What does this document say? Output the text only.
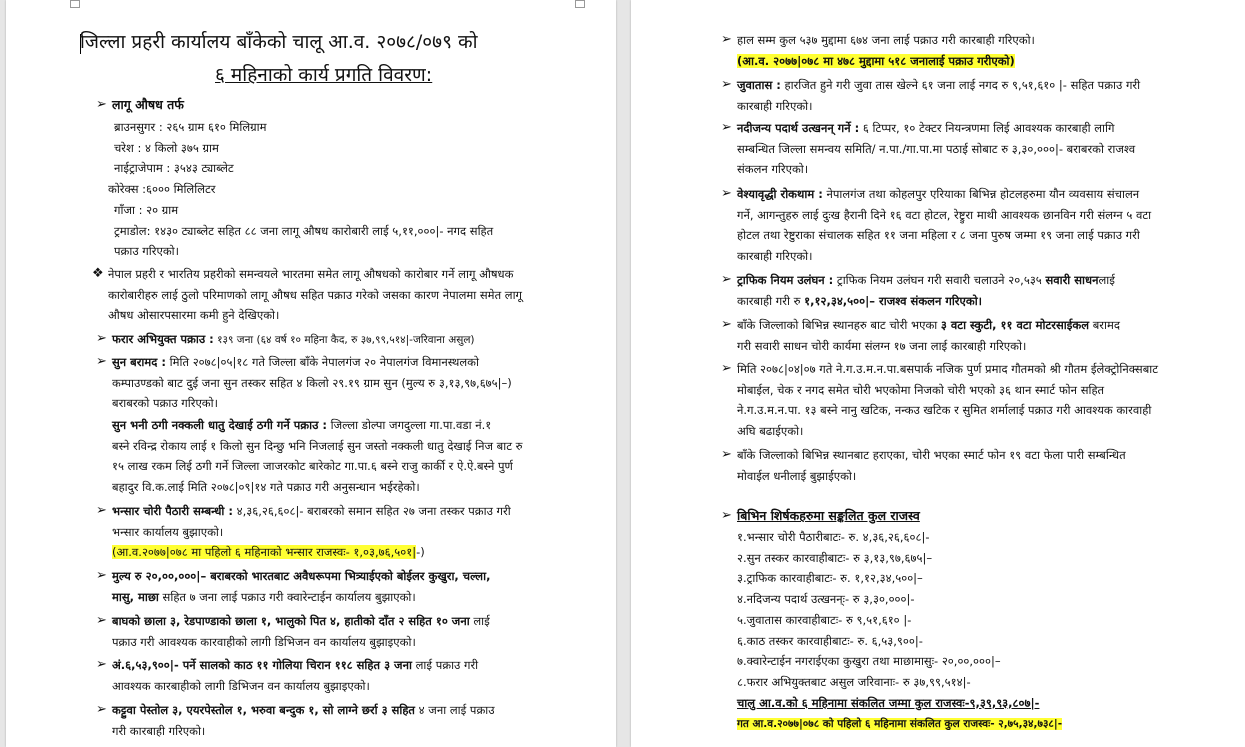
जिल्ला प्रहरी कार्यालय बाँकेको चालू आ.व. २०७८/०७९ को
६ महिनाको कार्य प्रगति विवरण:
➢ लागू औषध तर्फ
ब्राउनसुगर : २६५ ग्राम ६१० मिलिग्राम
चरेश : ४ किलो ३७५ ग्राम
नाईट्राजेपाम : ३५४३ ट्याब्लेट
कोरेक्स :६००० मिलिलिटर
गाँजा : २० ग्राम
ट्रमाडोल: १४३० ट्याब्लेट सहित ८८ जना लागू औषध कारोबारी लाई ५,११,०००|- नगद सहित
पक्राउ गरिएको।
❖ नेपाल प्रहरी र भारतिय प्रहरीको समन्वयले भारतमा समेत लागू औषधको कारोबार गर्ने लागू औषधक
कारोबारीहरु लाई ठुलो परिमाणको लागू औषध सहित पक्राउ गरेको जसका कारण नेपालमा समेत लागू
औषध ओसारपसारमा कमी हुने देखिएको।
➢ फरार अभियुक्त पक्राउ : १३९ जना (६४ वर्ष १० महिना कैद, रु ३७,९९,५१४|-जरिवाना असुल)
➢ सुन बरामद : मिति २०७८|०५|१८ गते जिल्ला बाँके नेपालगंज २० नेपालगंज विमानस्थलको
कम्पाउण्डको बाट दुई जना सुन तस्कर सहित ४ किलो २९.१९ ग्राम सुन (मुल्य रु ३,१३,९७,६७५|–)
बराबरको पक्राउ गरिएको।
सुन भनी ठगी नक्कली धातु देखाई ठगी गर्ने पक्राउ : जिल्ला डोल्पा जगदुल्ला गा.पा.वडा नं.१
बस्ने रविन्द्र रोकाय लाई १ किलो सुन दिन्छु भनि निजलाई सुन जस्तो नक्कली धातु देखाई निज बाट रु
१५ लाख रकम लिई ठगी गर्ने जिल्ला जाजरकोट बारेकोट गा.पा.६ बस्ने राजु कार्की र ऐ.ऐ.बस्ने पुर्ण
बहादुर वि.क.लाई मिति २०७८|०९|१४ गते पक्राउ गरी अनुसन्धान भईरहेको।
➢ भन्सार चोरी पैठारी सम्बन्धी : ४,३६,२६,६०८|- बराबरको समान सहित २७ जना तस्कर पक्राउ गरी
भन्सार कार्यालय बुझाएको।
(आ.व.२०७७|०७८ मा पहिलो ६ महिनाको भन्सार राजस्वः- १,०३,७६,५०१|-)
➢ मुल्य रु २०,००,०००|– बराबरको भारतबाट अवैधरूपमा भित्र्याईएको बोईलर कुखुरा, चल्ला,
मासु, माछा सहित ७ जना लाई पक्राउ गरी क्वारेन्टाईन कार्यालय बुझाएको।
➢ बाघको छाला ३, रेडपाण्डाको छाला १, भालुको पित ४, हातीको दाँत २ सहित १० जना लाई
पक्राउ गरी आवश्यक कारवाहीको लागी डिभिजन वन कार्यालय बुझाइएको।
➢ अं.६,५३,९००|- पर्ने सालको काठ ११ गोलिया चिरान ११८ सहित ३ जना लाई पक्राउ गरी
आवश्यक कारबाहीको लागी डिभिजन वन कार्यालय बुझाइएको।
➢ कट्टुवा पेस्तोल ३, एयरपेस्तोल १, भरुवा बन्दुक १, सो लाग्ने छर्रा ३ सहित ४ जना लाई पक्राउ
गरी कारबाही गरिएको।
➢ हाल सम्म कुल ५३७ मुद्दामा ६७४ जना लाई पक्राउ गरी कारबाही गरिएको।
(आ.व. २०७७|०७८ मा ४७८ मुद्दामा ५१८ जनालाई पक्राउ गरीएको)
➢ जुवातास : हारजित हुने गरी जुवा तास खेल्ने ६१ जना लाई नगद रु ९,५१,६१० |- सहित पक्राउ गरी
कारबाही गरिएको।
➢ नदीजन्य पदार्थ उत्खनन् गर्ने : ६ टिप्पर, १० टेक्टर नियन्त्रणमा लिई आवश्यक कारबाही लागि
सम्बन्धित जिल्ला समन्वय समिति/ न.पा./गा.पा.मा पठाई सोबाट रु ३,३०,०००|- बराबरको राजश्व
संकलन गरिएको।
➢ वेश्यावृद्धी रोकथाम : नेपालगंज तथा कोहलपुर एरियाका बिभिन्न होटलहरुमा यौन व्यवसाय संचालन
गर्ने, आगन्तुहरु लाई दुःख हैरानी दिने १६ वटा होटल, रेष्ट्रुरा माथी आवश्यक छानविन गरी संलग्न ५ वटा
होटल तथा रेष्टुराका संचालक सहित ११ जना महिला र ८ जना पुरुष जम्मा १९ जना लाई पक्राउ गरी
कारबाही गरिएको।
➢ ट्राफिक नियम उलंघन : ट्राफिक नियम उलंघन गरी सवारी चलाउने २०,५३५ सवारी साधनलाई
कारबाही गरी रु १,१२,३४,५००|– राजश्व संकलन गरिएको।
➢ बाँके जिल्लाको बिभिन्न स्थानहरु बाट चोरी भएका ३ वटा स्कुटी, ११ वटा मोटरसाईकल बरामद
गरी सवारी साधन चोरी कार्यमा संलग्न १७ जना लाई कारबाही गरिएको।
➢ मिति २०७८|०४|०७ गते ने.ग.उ.म.न.पा.बसपार्क नजिक पुर्ण प्रमाद गौतमको श्री गौतम ईलेक्ट्रोनिक्सबाट
मोबाईल, चेक र नगद समेत चोरी भएकोमा निजको चोरी भएको ३६ थान स्मार्ट फोन सहित
ने.ग.उ.म.न.पा. १३ बस्ने नानु खटिक, नन्कउ खटिक र सुमित शर्मालाई पक्राउ गरी आवश्यक कारवाही
अघि बढाईएको।
➢ बाँके जिल्लाको बिभिन्न स्थानबाट हराएका, चोरी भएका स्मार्ट फोन १९ वटा फेला पारी सम्बन्धित
मोवाईल धनीलाई बुझाईएको।
➢ बिभिन शिर्षकहरुमा सङ्कलित कुल राजस्व
१.भन्सार चोरी पैठारीबाटः- रु. ४,३६,२६,६०८|-
२.सुन तस्कर कारवाहीबाटः- रु ३,१३,९७,६७५|–
३.ट्राफिक कारवाहीबाटः- रु. १,१२,३४,५००|–
४.नदिजन्य पदार्थ उत्खनन्ः- रु ३,३०,०००|-
५.जुवातास कारवाहीबाटः- रु ९,५१,६१० |-
६.काठ तस्कर कारवाहीबाटः- रु. ६,५३,९००|-
७.क्वारेन्टाईन नगराईएका कुखुरा तथा माछामासुः- २०,००,०००|–
८.फरार अभियुक्तबाट असुल जरिवानाः- रु ३७,९९,५१४|-
चालु आ.व.को ६ महिनामा संकलित जम्मा कुल राजस्वः-९,३९,९३,८०७|-
गत आ.व.२०७७|०७८ को पहिलो ६ महिनामा संकलित कुल राजस्वः- २,७५,३४,७३८|-
